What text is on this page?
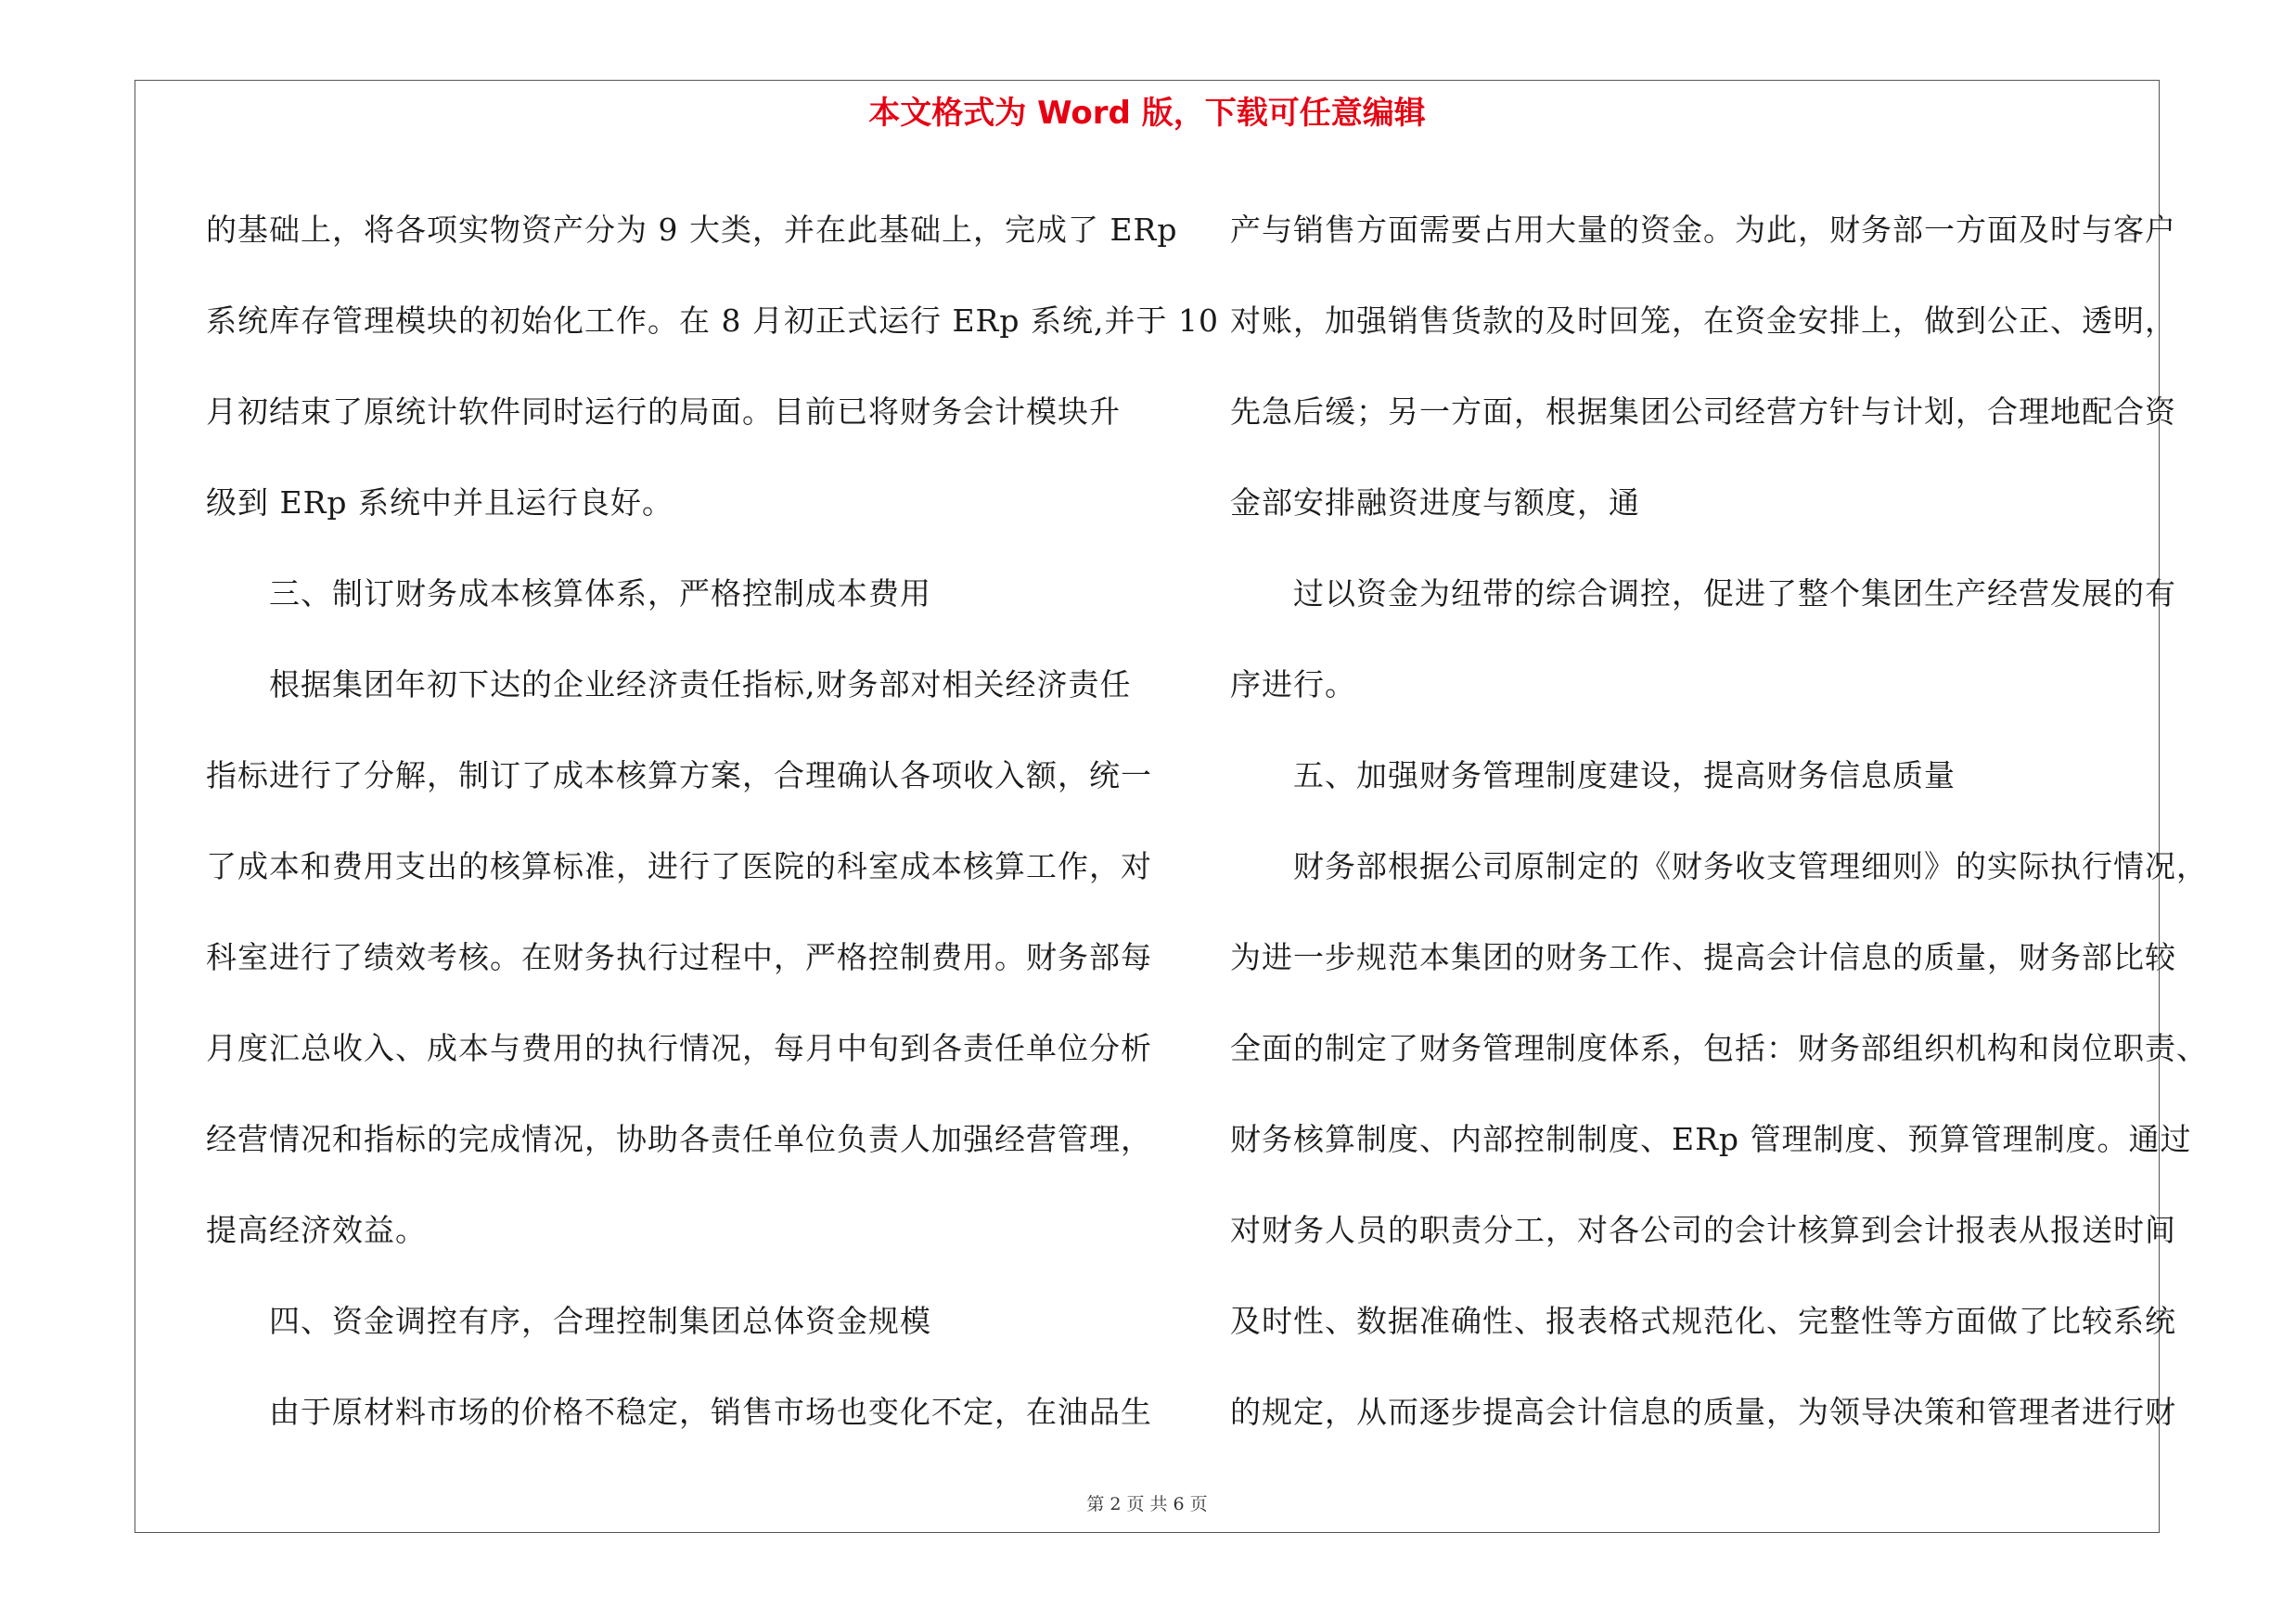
本文格式为 Word 版，下载可任意编辑
的基础上，将各项实物资产分为 9 大类，并在此基础上，完成了 ERp
系统库存管理模块的初始化工作。在 8 月初正式运行 ERp 系统,并于 10
月初结束了原统计软件同时运行的局面。目前已将财务会计模块升
级到 ERp 系统中并且运行良好。
三、制订财务成本核算体系，严格控制成本费用
根据集团年初下达的企业经济责任指标,财务部对相关经济责任
指标进行了分解，制订了成本核算方案，合理确认各项收入额，统一
了成本和费用支出的核算标准，进行了医院的科室成本核算工作，对
科室进行了绩效考核。在财务执行过程中，严格控制费用。财务部每
月度汇总收入、成本与费用的执行情况，每月中旬到各责任单位分析
经营情况和指标的完成情况，协助各责任单位负责人加强经营管理，
提高经济效益。
四、资金调控有序，合理控制集团总体资金规模
由于原材料市场的价格不稳定，销售市场也变化不定，在油品生
产与销售方面需要占用大量的资金。为此，财务部一方面及时与客户
对账，加强销售货款的及时回笼，在资金安排上，做到公正、透明，
先急后缓；另一方面，根据集团公司经营方针与计划，合理地配合资
金部安排融资进度与额度，通
过以资金为纽带的综合调控，促进了整个集团生产经营发展的有
序进行。
五、加强财务管理制度建设，提高财务信息质量
财务部根据公司原制定的《财务收支管理细则》的实际执行情况，
为进一步规范本集团的财务工作、提高会计信息的质量，财务部比较
全面的制定了财务管理制度体系，包括：财务部组织机构和岗位职责、
财务核算制度、内部控制制度、ERp 管理制度、预算管理制度。通过
对财务人员的职责分工，对各公司的会计核算到会计报表从报送时间
及时性、数据准确性、报表格式规范化、完整性等方面做了比较系统
的规定，从而逐步提高会计信息的质量，为领导决策和管理者进行财
第 2 页 共 6 页
